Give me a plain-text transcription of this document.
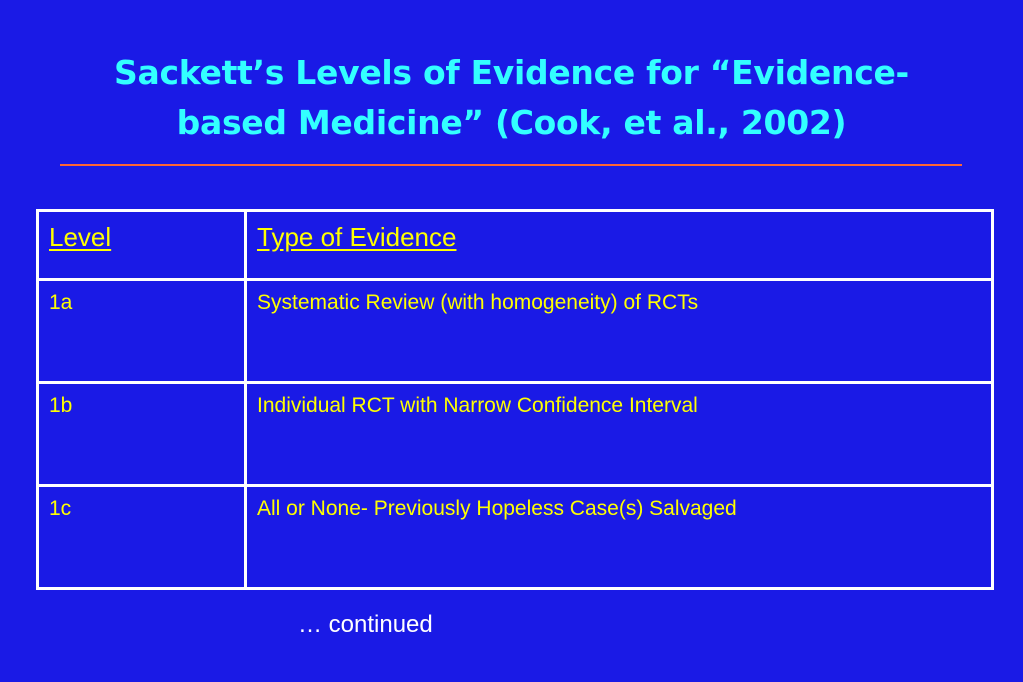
Sackett’s Levels of Evidence for “Evidence-
based Medicine” (Cook, et al., 2002)
Level	Type of Evidence
1a	Systematic Review (with homogeneity) of RCTs
1b	Individual RCT with Narrow Confidence Interval
1c	All or None- Previously Hopeless Case(s) Salvaged
… continued
